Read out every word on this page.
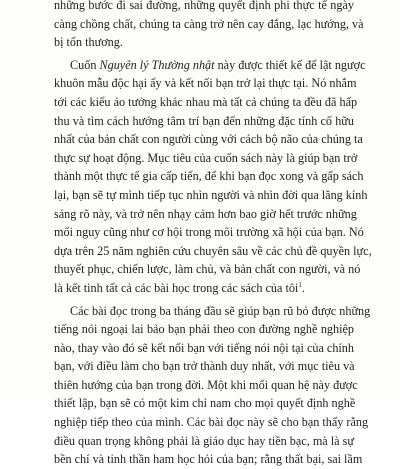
những bước đi sai đường, những quyết định phi thực tế ngày
càng chồng chất, chúng ta càng trở nên cay đắng, lạc hướng, và
bị tổn thương.
Cuốn Nguyên lý Thường nhật này được thiết kế để lật ngược
khuôn mẫu độc hại ấy và kết nối bạn trở lại thực tại. Nó nhắm
tới các kiểu ảo tưởng khác nhau mà tất cả chúng ta đều đã hấp
thu và tìm cách hướng tâm trí bạn đến những đặc tính cố hữu
nhất của bản chất con người cùng với cách bộ não của chúng ta
thực sự hoạt động. Mục tiêu của cuốn sách này là giúp bạn trở
thành một thực tế gia cấp tiến, để khi bạn đọc xong và gấp sách
lại, bạn sẽ tự mình tiếp tục nhìn người và nhìn đời qua lăng kính
sáng rõ này, và trở nên nhạy cảm hơn bao giờ hết trước những
mối nguy cũng như cơ hội trong môi trường xã hội của bạn. Nó
dựa trên 25 năm nghiên cứu chuyên sâu về các chủ đề quyền lực,
thuyết phục, chiến lược, làm chủ, và bản chất con người, và nó
là kết tinh tất cả các bài học trong các sách của tôi$^1$.
Các bài đọc trong ba tháng đầu sẽ giúp bạn rũ bỏ được những
tiếng nói ngoại lai bảo bạn phải theo con đường nghề nghiệp
nào, thay vào đó sẽ kết nối bạn với tiếng nói nội tại của chính
bạn, với điều làm cho bạn trở thành duy nhất, với mục tiêu và
thiên hướng của bạn trong đời. Một khi mối quan hệ này được
thiết lập, bạn sẽ có một kim chỉ nam cho mọi quyết định nghề
nghiệp tiếp theo của mình. Các bài đọc này sẽ cho bạn thấy rằng
điều quan trọng không phải là giáo dục hay tiền bạc, mà là sự
bền chí và tinh thần ham học hỏi của bạn; rằng thất bại, sai lầm
